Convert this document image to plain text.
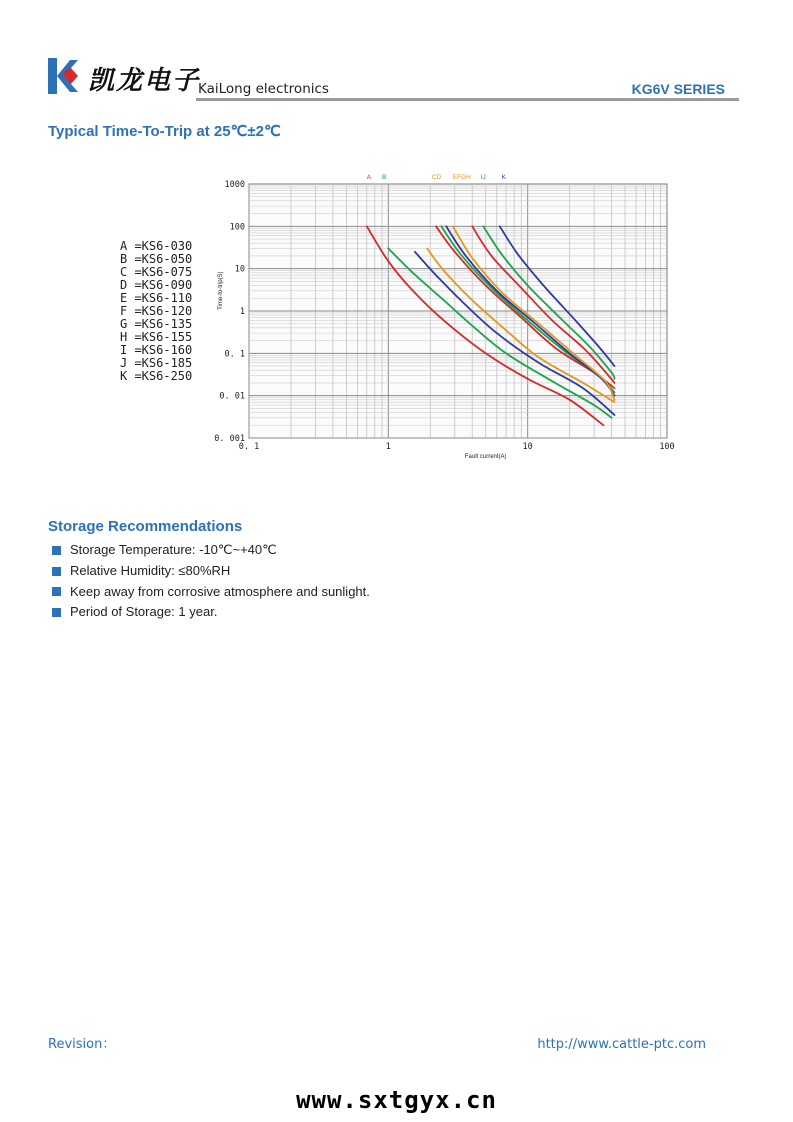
凯龙电子
KaiLong electronics	KG6V SERIES
Typical Time-To-Trip at 25℃±2℃
A =KS6-030
B =KS6-050
C =KS6-075
D =KS6-090
E =KS6-110
F =KS6-120
G =KS6-135
H =KS6-155
I =KS6-160
J =KS6-185
K =KS6-250
1000
100
10
1
0. 1
0. 01
0. 001
0. 1	1	10	100
Fault current(A)
Time-to-trip(S)
A B	CD EFGH IJ K
Storage Recommendations
Storage Temperature: -10℃~+40℃
Relative Humidity: ≤80%RH
Keep away from corrosive atmosphere and sunlight.
Period of Storage: 1 year.
Revision：	http://www.cattle-ptc.com
www.sxtgyx.cn
